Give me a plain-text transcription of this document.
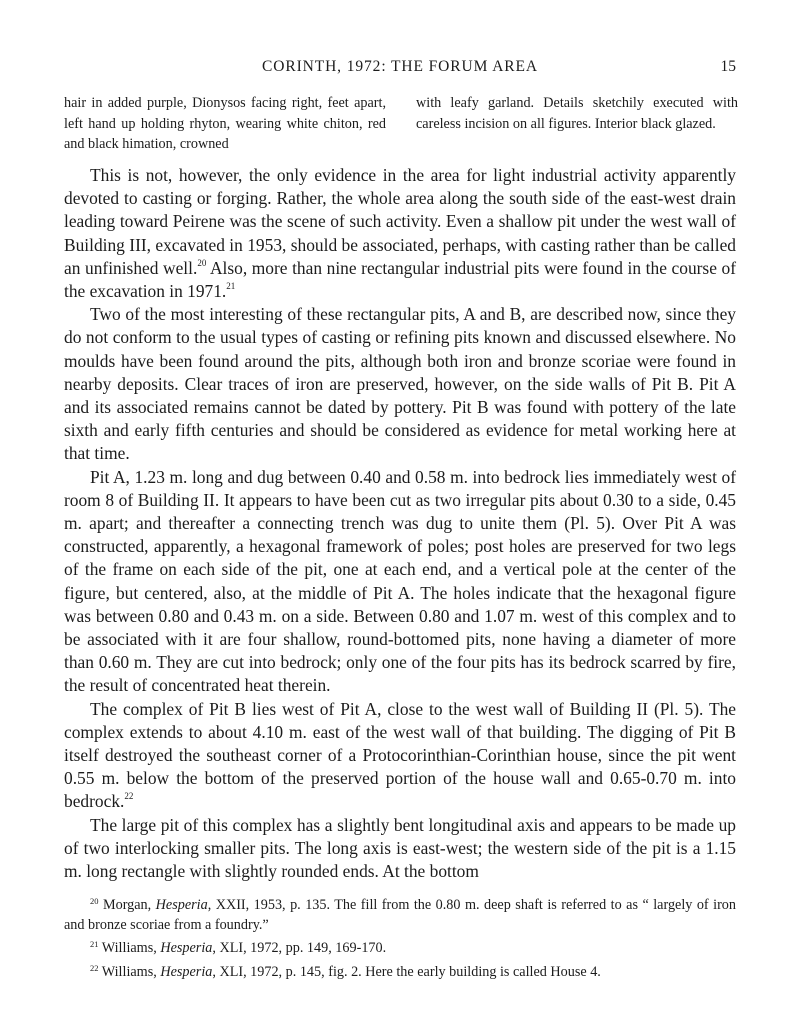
CORINTH, 1972: THE FORUM AREA	15

hair in added purple, Dionysos facing right, feet apart, left hand up holding rhyton, wearing white chiton, red and black himation, crowned

with leafy garland. Details sketchily executed with careless incision on all figures. Interior black glazed.

This is not, however, the only evidence in the area for light industrial activity apparently devoted to casting or forging. Rather, the whole area along the south side of the east-west drain leading toward Peirene was the scene of such activity. Even a shallow pit under the west wall of Building III, excavated in 1953, should be associated, perhaps, with casting rather than be called an unfinished well.$^{20}$ Also, more than nine rectangular industrial pits were found in the course of the excavation in 1971.21

Two of the most interesting of these rectangular pits, A and B, are described now, since they do not conform to the usual types of casting or refining pits known and discussed elsewhere. No moulds have been found around the pits, although both iron and bronze scoriae were found in nearby deposits. Clear traces of iron are preserved, however, on the side walls of Pit B. Pit A and its associated remains cannot be dated by pottery. Pit B was found with pottery of the late sixth and early fifth centuries and should be considered as evidence for metal working here at that time.

Pit A, 1.23 m. long and dug between 0.40 and 0.58 m. into bedrock lies immediately west of room 8 of Building II. It appears to have been cut as two irregular pits about 0.30 to a side, 0.45 m. apart; and thereafter a connecting trench was dug to unite them (Pl. 5). Over Pit A was constructed, apparently, a hexagonal framework of poles; post holes are preserved for two legs of the frame on each side of the pit, one at each end, and a vertical pole at the center of the figure, but centered, also, at the middle of Pit A. The holes indicate that the hexagonal figure was between 0.80 and 0.43 m. on a side. Between 0.80 and 1.07 m. west of this complex and to be associated with it are four shallow, round-bottomed pits, none having a diameter of more than 0.60 m. They are cut into bedrock; only one of the four pits has its bedrock scarred by fire, the result of concentrated heat therein.

The complex of Pit B lies west of Pit A, close to the west wall of Building II (Pl. 5). The complex extends to about 4.10 m. east of the west wall of that building. The digging of Pit B itself destroyed the southeast corner of a Protocorinthian-Corinthian house, since the pit went 0.55 m. below the bottom of the preserved portion of the house wall and 0.65-0.70 m. into bedrock.$^{22}$

The large pit of this complex has a slightly bent longitudinal axis and appears to be made up of two interlocking smaller pits. The long axis is east-west; the western side of the pit is a 1.15 m. long rectangle with slightly rounded ends. At the bottom

$^{20}$ Morgan, Hesperia, XXII, 1953, p. 135. The fill from the 0.80 m. deep shaft is referred to as “ largely of iron and bronze scoriae from a foundry.”

$^{21}$ Williams, Hesperia, XLI, 1972, pp. 149, 169-170.

$^{22}$ Williams, Hesperia, XLI, 1972, p. 145, fig. 2. Here the early building is called House 4.
